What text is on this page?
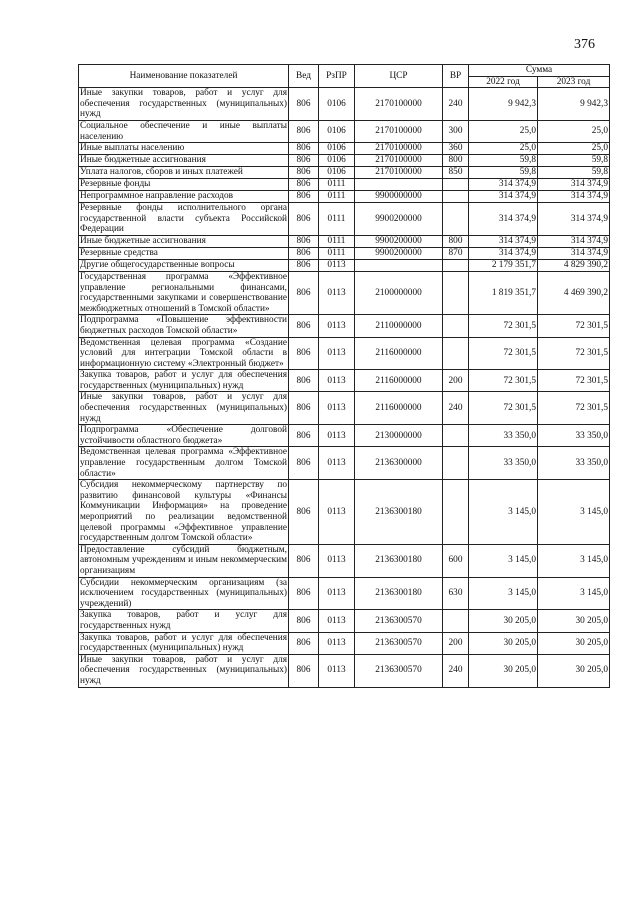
376
Наименование показателей	Вед	РзПР	ЦСР	ВР	Сумма	
					2022 год	2023 год
Иные закупки товаров, работ и услуг для обеспечения государственных (муниципальных) нужд	806	0106	2170100000	240	9 942,3	9 942,3
Социальное обеспечение и иные выплаты населению	806	0106	2170100000	300	25,0	25,0
Иные выплаты населению	806	0106	2170100000	360	25,0	25,0
Иные бюджетные ассигнования	806	0106	2170100000	800	59,8	59,8
Уплата налогов, сборов и иных платежей	806	0106	2170100000	850	59,8	59,8
Резервные фонды	806	0111			314 374,9	314 374,9
Непрограммное направление расходов	806	0111	9900000000		314 374,9	314 374,9
Резервные фонды исполнительного органа государственной власти субъекта Российской Федерации	806	0111	9900200000		314 374,9	314 374,9
Иные бюджетные ассигнования	806	0111	9900200000	800	314 374,9	314 374,9
Резервные средства	806	0111	9900200000	870	314 374,9	314 374,9
Другие общегосударственные вопросы	806	0113			2 179 351,7	4 829 390,2
Государственная программа «Эффективное управление региональными финансами, государственными закупками и совершенствование межбюджетных отношений в Томской области»	806	0113	2100000000		1 819 351,7	4 469 390,2
Подпрограмма «Повышение эффективности бюджетных расходов Томской области»	806	0113	2110000000		72 301,5	72 301,5
Ведомственная целевая программа «Создание условий для интеграции Томской области в информационную систему «Электронный бюджет»	806	0113	2116000000		72 301,5	72 301,5
Закупка товаров, работ и услуг для обеспечения государственных (муниципальных) нужд	806	0113	2116000000	200	72 301,5	72 301,5
Иные закупки товаров, работ и услуг для обеспечения государственных (муниципальных) нужд	806	0113	2116000000	240	72 301,5	72 301,5
Подпрограмма «Обеспечение долговой устойчивости областного бюджета»	806	0113	2130000000		33 350,0	33 350,0
Ведомственная целевая программа «Эффективное управление государственным долгом Томской области»	806	0113	2136300000		33 350,0	33 350,0
Субсидия некоммерческому партнерству по развитию финансовой культуры «Финансы Коммуникации Информация» на проведение мероприятий по реализации ведомственной целевой программы «Эффективное управление государственным долгом Томской области»	806	0113	2136300180		3 145,0	3 145,0
Предоставление субсидий бюджетным, автономным учреждениям и иным некоммерческим организациям	806	0113	2136300180	600	3 145,0	3 145,0
Субсидии некоммерческим организациям (за исключением государственных (муниципальных) учреждений)	806	0113	2136300180	630	3 145,0	3 145,0
Закупка товаров, работ и услуг для государственных нужд	806	0113	2136300570		30 205,0	30 205,0
Закупка товаров, работ и услуг для обеспечения государственных (муниципальных) нужд	806	0113	2136300570	200	30 205,0	30 205,0
Иные закупки товаров, работ и услуг для обеспечения государственных (муниципальных) нужд	806	0113	2136300570	240	30 205,0	30 205,0
